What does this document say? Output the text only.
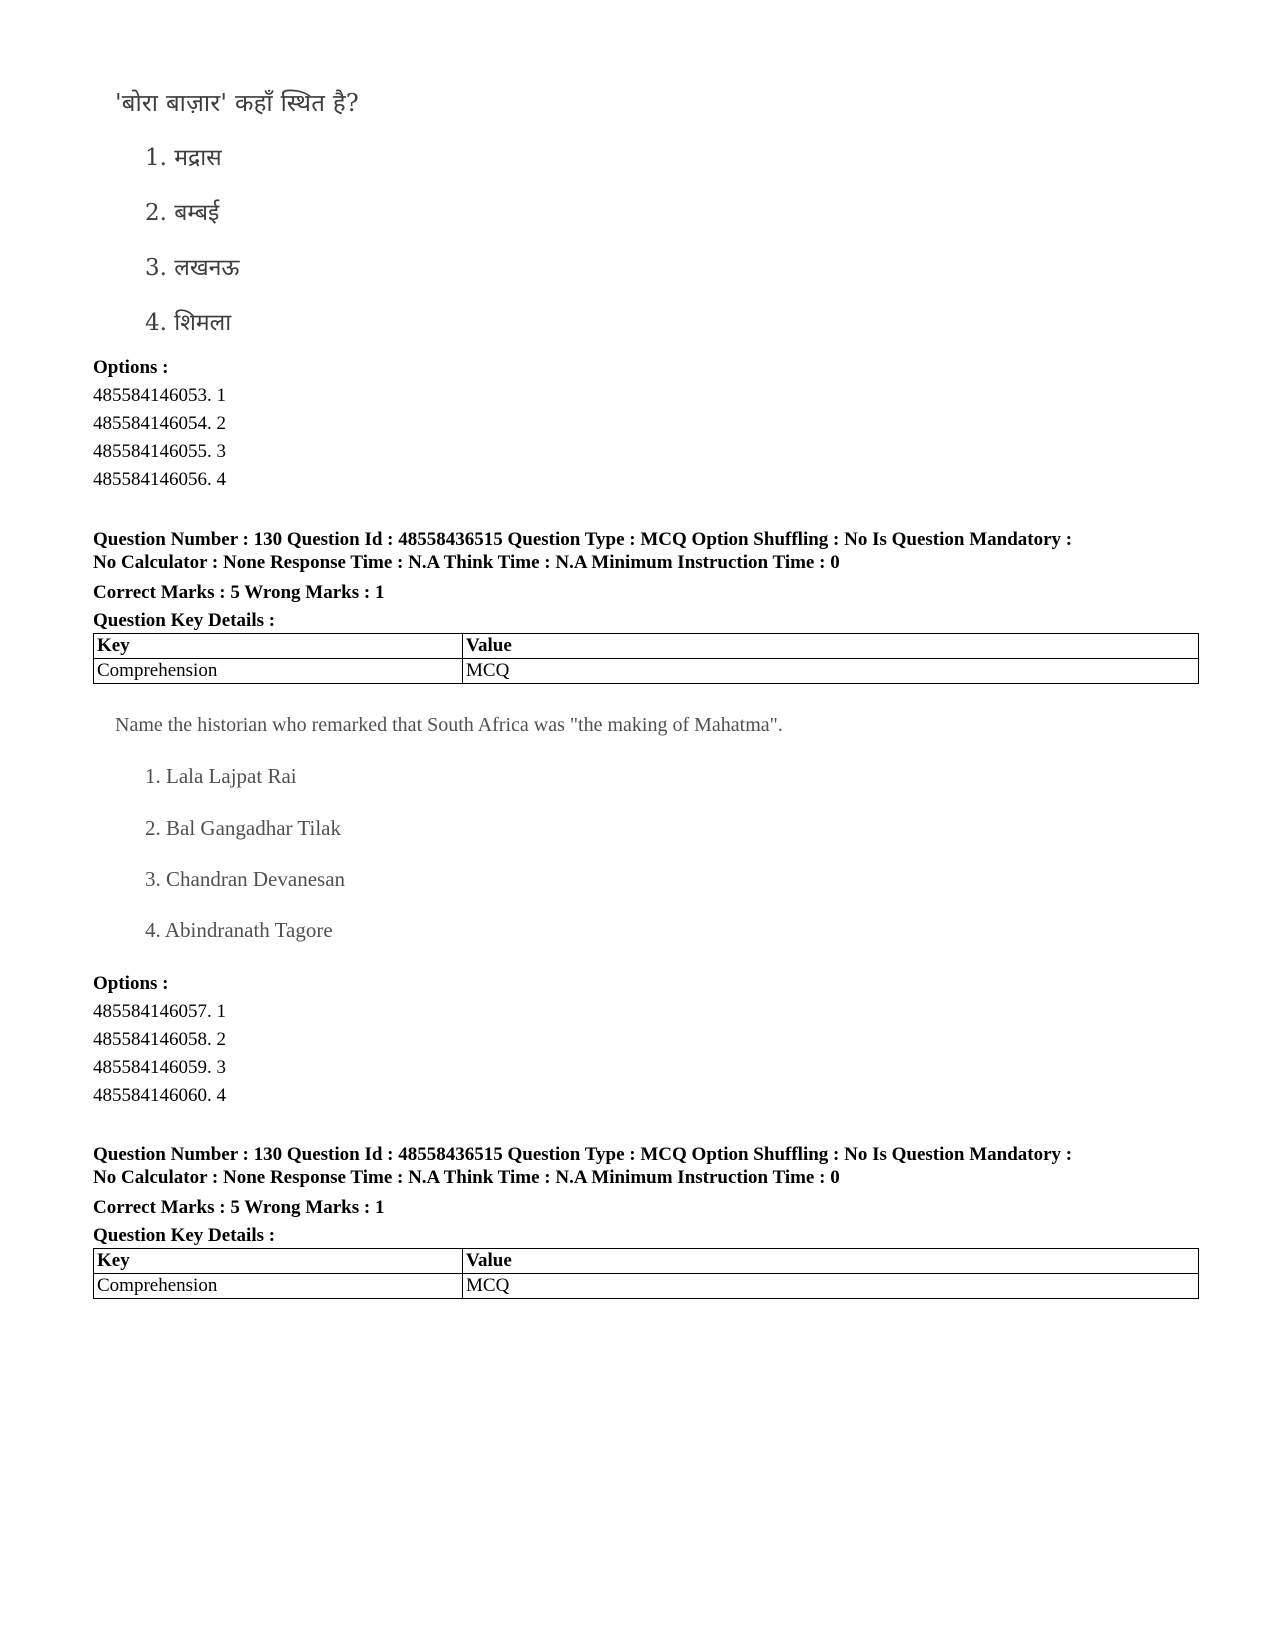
'बोरा बाज़ार' कहाँ स्थित है?
1. मद्रास
2. बम्बई
3. लखनऊ
4. शिमला
Options :
485584146053. 1
485584146054. 2
485584146055. 3
485584146056. 4
Question Number : 130 Question Id : 48558436515 Question Type : MCQ Option Shuffling : No Is Question Mandatory :
No Calculator : None Response Time : N.A Think Time : N.A Minimum Instruction Time : 0
Correct Marks : 5 Wrong Marks : 1
Question Key Details :
Key	Value
Comprehension	MCQ
Name the historian who remarked that South Africa was "the making of Mahatma".
1. Lala Lajpat Rai
2. Bal Gangadhar Tilak
3. Chandran Devanesan
4. Abindranath Tagore
Options :
485584146057. 1
485584146058. 2
485584146059. 3
485584146060. 4
Question Number : 130 Question Id : 48558436515 Question Type : MCQ Option Shuffling : No Is Question Mandatory :
No Calculator : None Response Time : N.A Think Time : N.A Minimum Instruction Time : 0
Correct Marks : 5 Wrong Marks : 1
Question Key Details :
Key	Value
Comprehension	MCQ
